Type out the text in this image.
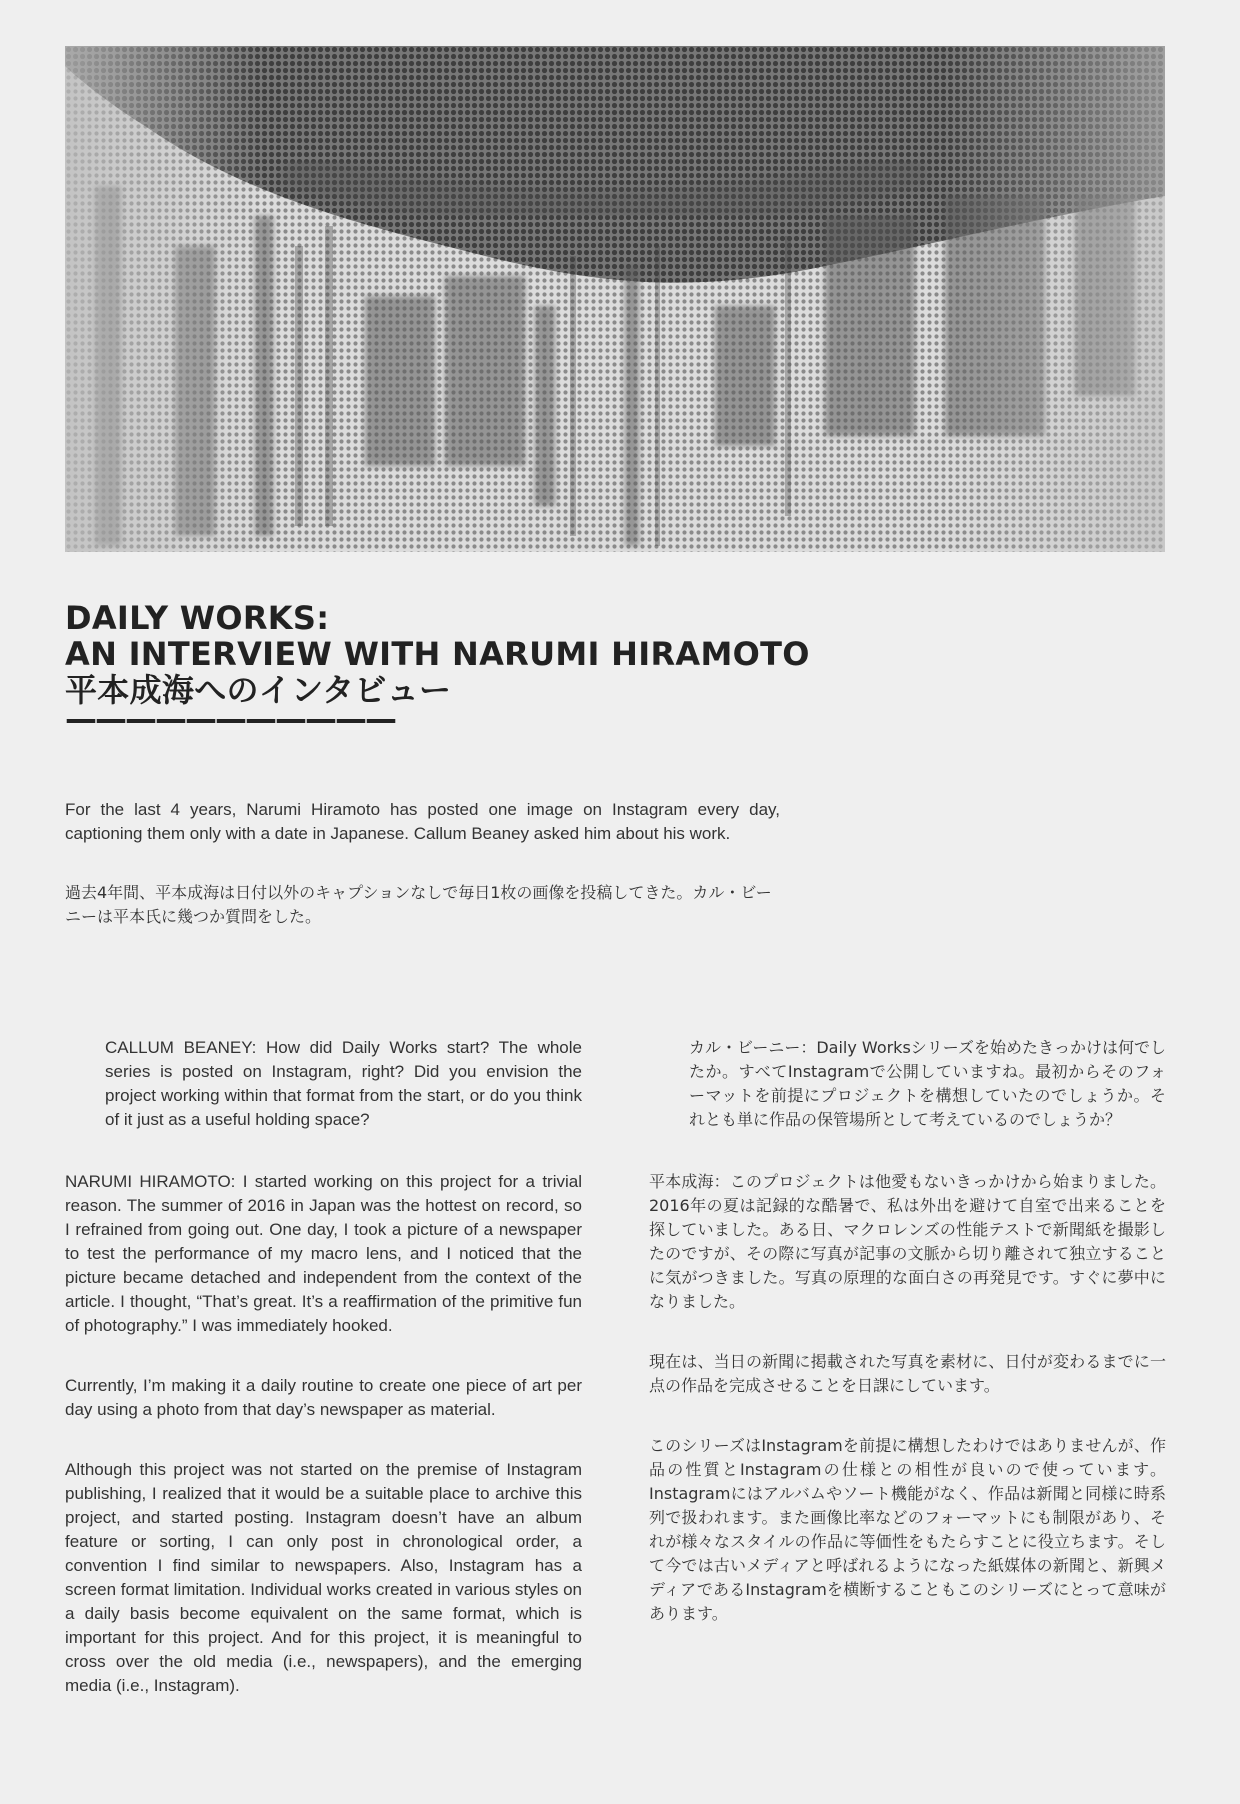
DAILY WORKS:
AN INTERVIEW WITH NARUMI HIRAMOTO
平本成海へのインタビュー
———————————

For the last 4 years, Narumi Hiramoto has posted one image on Instagram every day, captioning them only with a date in Japanese. Callum Beaney asked him about his work.

過去4年間、平本成海は日付以外のキャプションなしで毎日1枚の画像を投稿してきた。カル・ビーニーは平本氏に幾つか質問をした。

CALLUM BEANEY: How did Daily Works start? The whole series is posted on Instagram, right? Did you envision the project working within that format from the start, or do you think of it just as a useful holding space?

NARUMI HIRAMOTO: I started working on this project for a trivial reason. The summer of 2016 in Japan was the hottest on record, so I refrained from going out. One day, I took a picture of a newspaper to test the performance of my macro lens, and I noticed that the picture became detached and independent from the context of the article. I thought, “That’s great. It’s a reaffirmation of the primitive fun of photography.” I was immediately hooked.

Currently, I’m making it a daily routine to create one piece of art per day using a photo from that day’s newspaper as material.

Although this project was not started on the premise of Instagram publishing, I realized that it would be a suitable place to archive this project, and started posting. Instagram doesn’t have an album feature or sorting, I can only post in chronological order, a convention I find similar to newspapers. Also, Instagram has a screen format limitation. Individual works created in various styles on a daily basis become equivalent on the same format, which is important for this project. And for this project, it is meaningful to cross over the old media (i.e., newspapers), and the emerging media (i.e., Instagram).

カル・ビーニー：Daily Worksシリーズを始めたきっかけは何でしたか。すべてInstagramで公開していますね。最初からそのフォーマットを前提にプロジェクトを構想していたのでしょうか。それとも単に作品の保管場所として考えているのでしょうか？

平本成海：このプロジェクトは他愛もないきっかけから始まりました。2016年の夏は記録的な酷暑で、私は外出を避けて自室で出来ることを探していました。ある日、マクロレンズの性能テストで新聞紙を撮影したのですが、その際に写真が記事の文脈から切り離されて独立することに気がつきました。写真の原理的な面白さの再発見です。すぐに夢中になりました。

現在は、当日の新聞に掲載された写真を素材に、日付が変わるまでに一点の作品を完成させることを日課にしています。

このシリーズはInstagramを前提に構想したわけではありませんが、作品の性質とInstagramの仕様との相性が良いので使っています。Instagramにはアルバムやソート機能がなく、作品は新聞と同様に時系列で扱われます。また画像比率などのフォーマットにも制限があり、それが様々なスタイルの作品に等価性をもたらすことに役立ちます。そして今では古いメディアと呼ばれるようになった紙媒体の新聞と、新興メディアであるInstagramを横断することもこのシリーズにとって意味があります。
